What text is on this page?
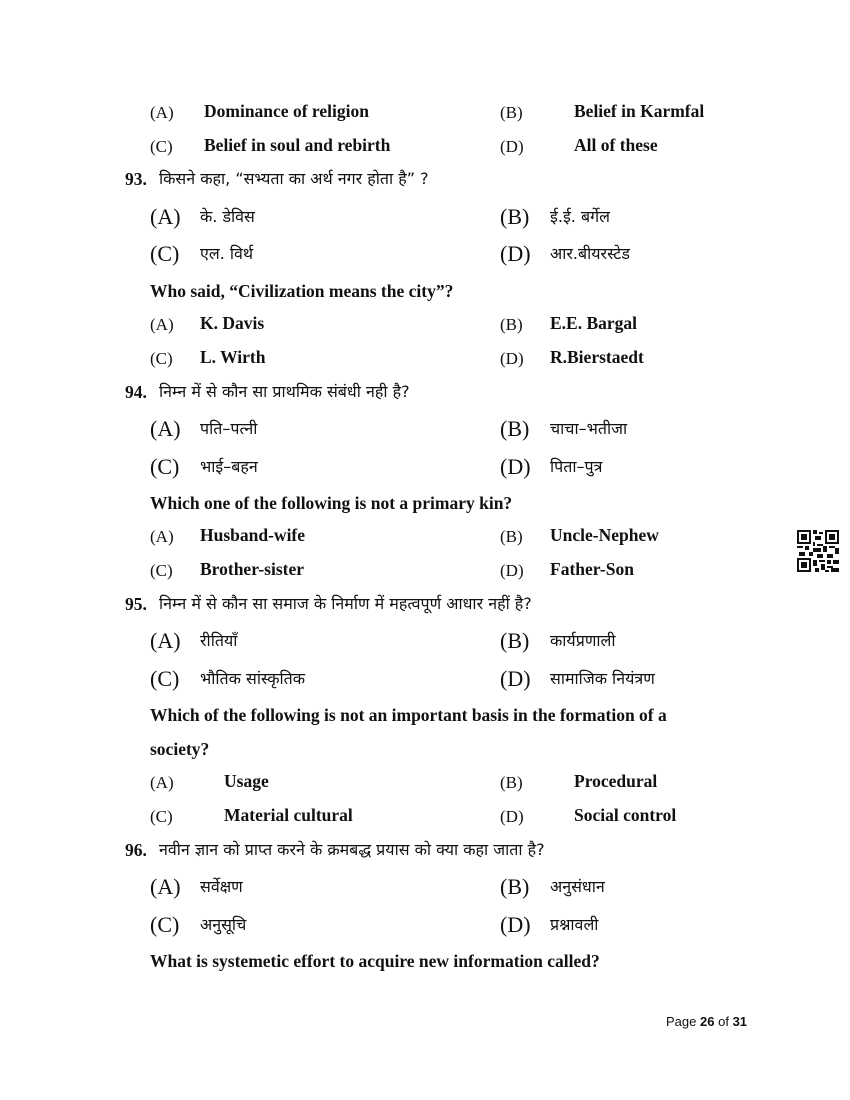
(A) Dominance of religion	(B)	Belief in Karmfal
(C) Belief in soul and rebirth	(D)	All of these
93. किसने कहा, “सभ्यता का अर्थ नगर होता है” ?
(A) के. डेविस	(B) ई.ई. बर्गेल
(C) एल. विर्थ	(D) आर.बीयरस्टेड
Who said, “Civilization means the city”?
(A) K. Davis	(B) E.E. Bargal
(C) L. Wirth	(D) R.Bierstaedt
94. निम्न में से कौन सा प्राथमिक संबंधी नही है?
(A) पति–पत्नी	(B) चाचा–भतीजा
(C) भाई–बहन	(D) पिता–पुत्र
Which one of the following is not a primary kin?
(A) Husband-wife	(B) Uncle-Nephew
(C) Brother-sister	(D) Father-Son
95. निम्न में से कौन सा समाज के निर्माण में महत्वपूर्ण आधार नहीं है?
(A) रीतियाँ	(B) कार्यप्रणाली
(C) भौतिक सांस्कृतिक	(D) सामाजिक नियंत्रण
Which of the following is not an important basis in the formation of a
society?
(A)	Usage	(B)	Procedural
(C)	Material cultural	(D)	Social control
96. नवीन ज्ञान को प्राप्त करने के क्रमबद्ध प्रयास को क्या कहा जाता है?
(A) सर्वेक्षण	(B) अनुसंधान
(C) अनुसूचि	(D) प्रश्नावली
What is systemetic effort to acquire new information called?
Page 26 of 31
